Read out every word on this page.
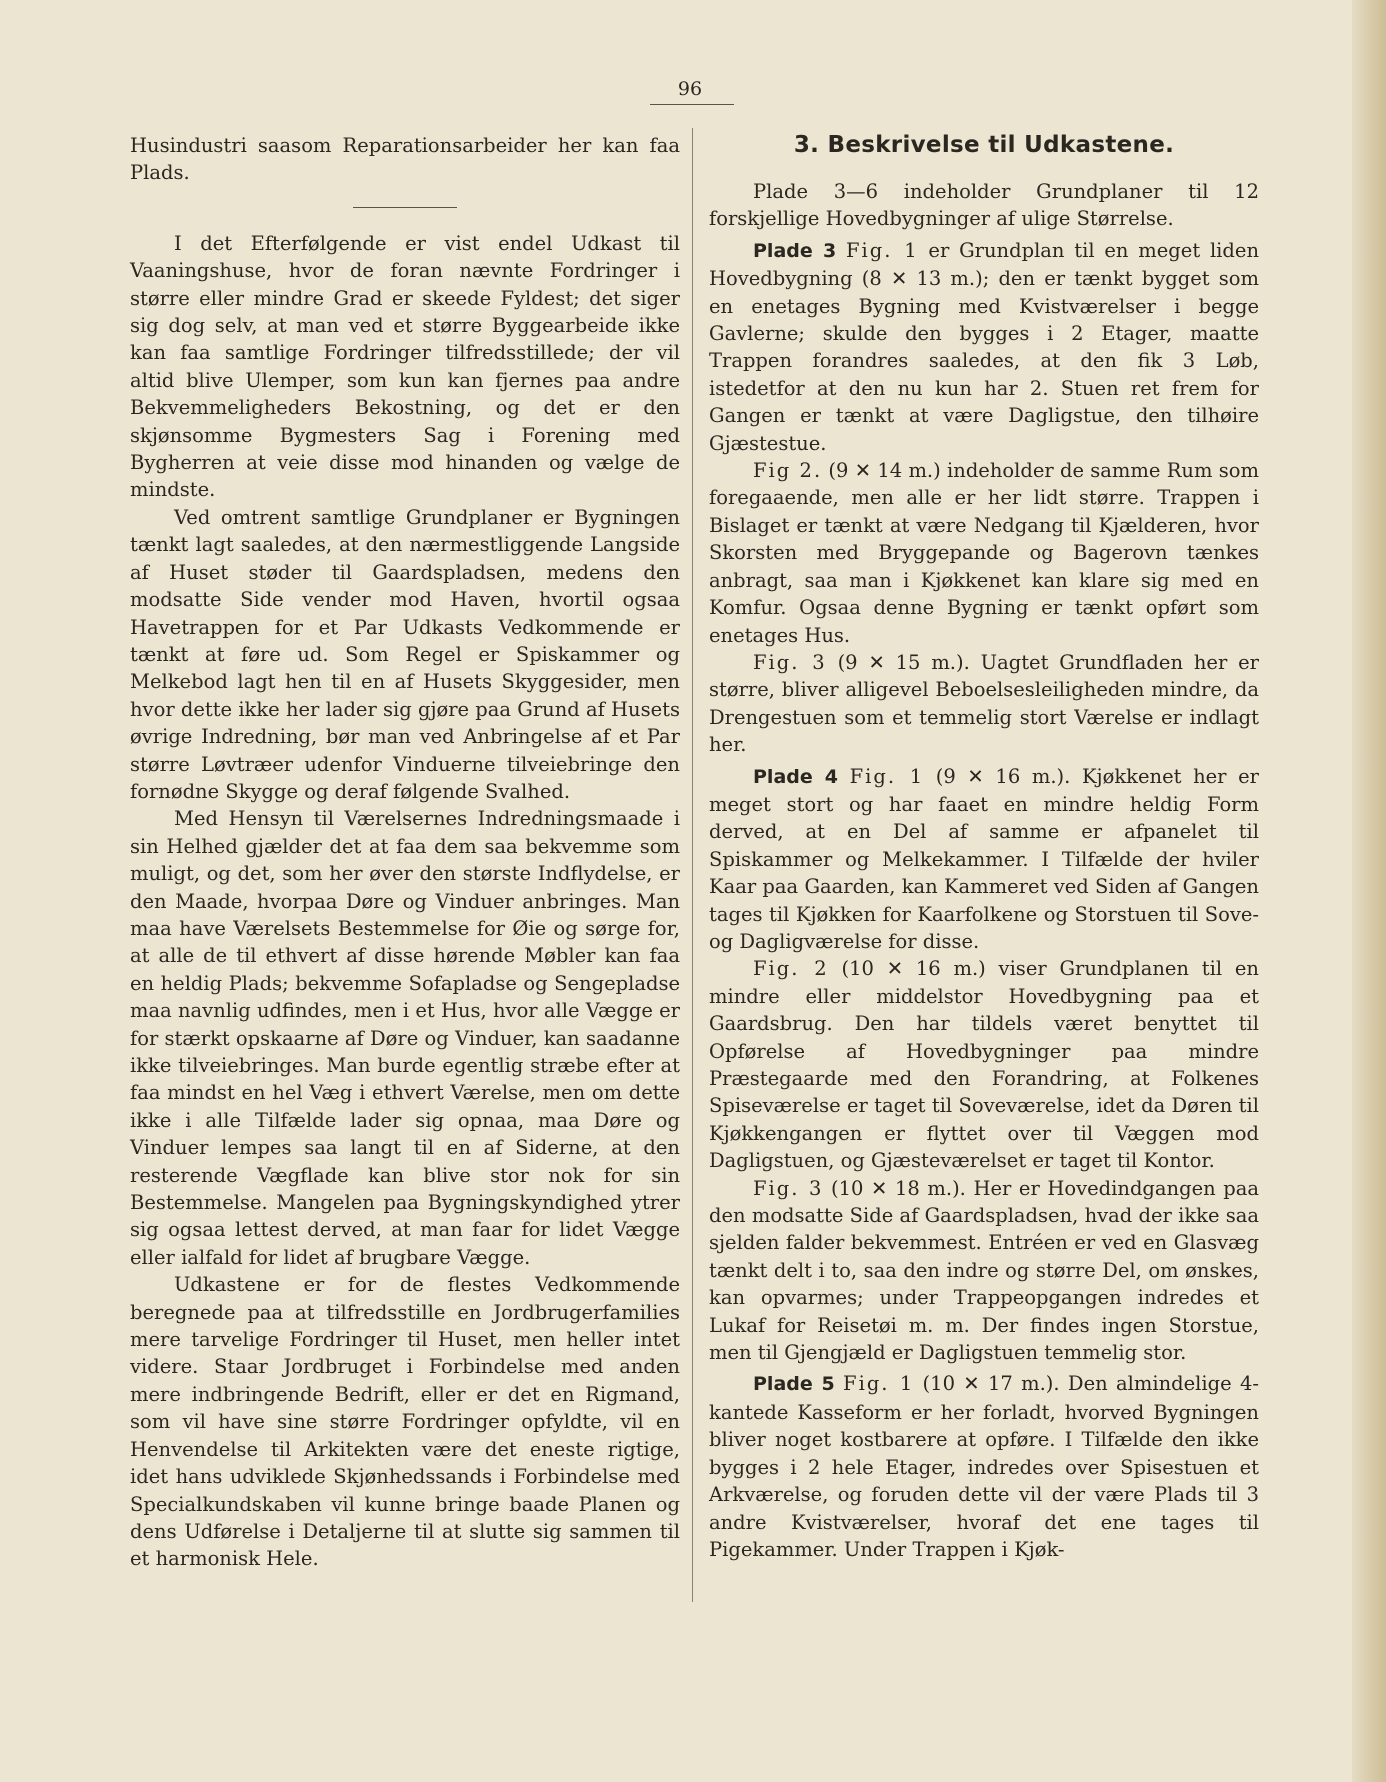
96

Husindustri saasom Reparationsarbeider her kan faa Plads.

I det Efterfølgende er vist endel Udkast til Vaaningshuse, hvor de foran nævnte Fordringer i større eller mindre Grad er skeede Fyldest; det siger sig dog selv, at man ved et større Byggearbeide ikke kan faa samtlige Fordringer tilfredsstillede; der vil altid blive Ulemper, som kun kan fjernes paa andre Bekvemmeligheders Bekostning, og det er den skjønsomme Bygmesters Sag i Forening med Bygherren at veie disse mod hinanden og vælge de mindste.

Ved omtrent samtlige Grundplaner er Bygningen tænkt lagt saaledes, at den nærmestliggende Langside af Huset støder til Gaardspladsen, medens den modsatte Side vender mod Haven, hvortil ogsaa Havetrappen for et Par Udkasts Vedkommende er tænkt at føre ud. Som Regel er Spiskammer og Melkebod lagt hen til en af Husets Skyggesider, men hvor dette ikke her lader sig gjøre paa Grund af Husets øvrige Indredning, bør man ved Anbringelse af et Par større Løvtræer udenfor Vinduerne tilveiebringe den fornødne Skygge og deraf følgende Svalhed.

Med Hensyn til Værelsernes Indredningsmaade i sin Helhed gjælder det at faa dem saa bekvemme som muligt, og det, som her øver den største Indflydelse, er den Maade, hvorpaa Døre og Vinduer anbringes. Man maa have Værelsets Bestemmelse for Øie og sørge for, at alle de til ethvert af disse hørende Møbler kan faa en heldig Plads; bekvemme Sofapladse og Sengepladse maa navnlig udfindes, men i et Hus, hvor alle Vægge er for stærkt opskaarne af Døre og Vinduer, kan saadanne ikke tilveiebringes. Man burde egentlig stræbe efter at faa mindst en hel Væg i ethvert Værelse, men om dette ikke i alle Tilfælde lader sig opnaa, maa Døre og Vinduer lempes saa langt til en af Siderne, at den resterende Vægflade kan blive stor nok for sin Bestemmelse. Mangelen paa Bygningskyndighed ytrer sig ogsaa lettest derved, at man faar for lidet Vægge eller ialfald for lidet af brugbare Vægge.

Udkastene er for de flestes Vedkommende beregnede paa at tilfredsstille en Jordbrugerfamilies mere tarvelige Fordringer til Huset, men heller intet videre. Staar Jordbruget i Forbindelse med anden mere indbringende Bedrift, eller er det en Rigmand, som vil have sine større Fordringer opfyldte, vil en Henvendelse til Arkitekten være det eneste rigtige, idet hans udviklede Skjønhedssands i Forbindelse med Specialkundskaben vil kunne bringe baade Planen og dens Udførelse i Detaljerne til at slutte sig sammen til et harmonisk Hele.

3. Beskrivelse til Udkastene.

Plade 3—6 indeholder Grundplaner til 12 forskjellige Hovedbygninger af ulige Størrelse.

Plade 3 Fig. 1 er Grundplan til en meget liden Hovedbygning (8 ✕ 13 m.); den er tænkt bygget som en enetages Bygning med Kvistværelser i begge Gavlerne; skulde den bygges i 2 Etager, maatte Trappen forandres saaledes, at den fik 3 Løb, istedetfor at den nu kun har 2. Stuen ret frem for Gangen er tænkt at være Dagligstue, den tilhøire Gjæstestue.

Fig 2. (9 ✕ 14 m.) indeholder de samme Rum som foregaaende, men alle er her lidt større. Trappen i Bislaget er tænkt at være Nedgang til Kjælderen, hvor Skorsten med Bryggepande og Bagerovn tænkes anbragt, saa man i Kjøkkenet kan klare sig med en Komfur. Ogsaa denne Bygning er tænkt opført som enetages Hus.

Fig. 3 (9 ✕ 15 m.). Uagtet Grundfladen her er større, bliver alligevel Beboelsesleiligheden mindre, da Drengestuen som et temmelig stort Værelse er indlagt her.

Plade 4 Fig. 1 (9 ✕ 16 m.). Kjøkkenet her er meget stort og har faaet en mindre heldig Form derved, at en Del af samme er afpanelet til Spiskammer og Melkekammer. I Tilfælde der hviler Kaar paa Gaarden, kan Kammeret ved Siden af Gangen tages til Kjøkken for Kaarfolkene og Storstuen til Sove- og Dagligværelse for disse.

Fig. 2 (10 ✕ 16 m.) viser Grundplanen til en mindre eller middelstor Hovedbygning paa et Gaardsbrug. Den har tildels været benyttet til Opførelse af Hovedbygninger paa mindre Præstegaarde med den Forandring, at Folkenes Spiseværelse er taget til Soveværelse, idet da Døren til Kjøkkengangen er flyttet over til Væggen mod Dagligstuen, og Gjæsteværelset er taget til Kontor.

Fig. 3 (10 ✕ 18 m.). Her er Hovedindgangen paa den modsatte Side af Gaardspladsen, hvad der ikke saa sjelden falder bekvemmest. Entréen er ved en Glasvæg tænkt delt i to, saa den indre og større Del, om ønskes, kan opvarmes; under Trappeopgangen indredes et Lukaf for Reisetøi m. m. Der findes ingen Storstue, men til Gjengjæld er Dagligstuen temmelig stor.

Plade 5 Fig. 1 (10 ✕ 17 m.). Den almindelige 4-kantede Kasseform er her forladt, hvorved Bygningen bliver noget kostbarere at opføre. I Tilfælde den ikke bygges i 2 hele Etager, indredes over Spisestuen et Arkværelse, og foruden dette vil der være Plads til 3 andre Kvistværelser, hvoraf det ene tages til Pigekammer. Under Trappen i Kjøk-
